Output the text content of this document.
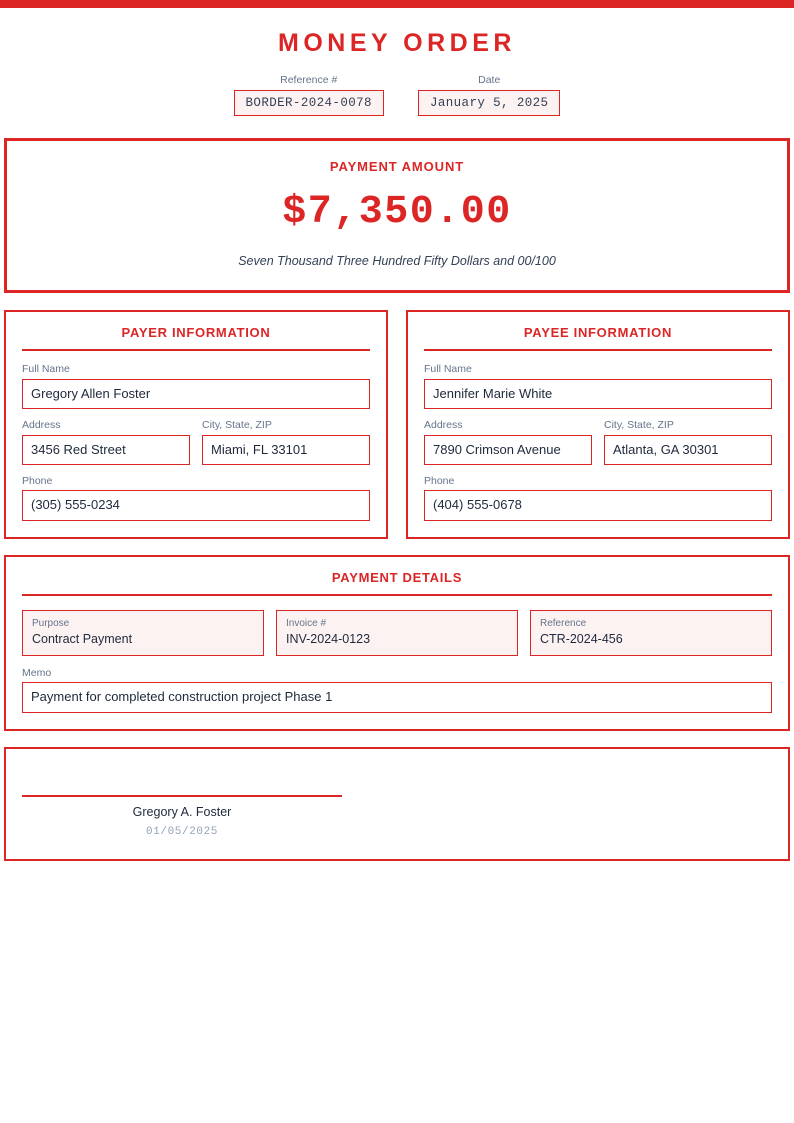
MONEY ORDER
Reference #
BORDER-2024-0078
Date
January 5, 2025
PAYMENT AMOUNT
$7,350.00
Seven Thousand Three Hundred Fifty Dollars and 00/100
PAYER INFORMATION
Full Name
Gregory Allen Foster
Address
3456 Red Street
City, State, ZIP
Miami, FL 33101
Phone
(305) 555-0234
PAYEE INFORMATION
Full Name
Jennifer Marie White
Address
7890 Crimson Avenue
City, State, ZIP
Atlanta, GA 30301
Phone
(404) 555-0678
PAYMENT DETAILS
Purpose
Contract Payment
Invoice #
INV-2024-0123
Reference
CTR-2024-456
Memo
Payment for completed construction project Phase 1
Gregory A. Foster
01/05/2025
